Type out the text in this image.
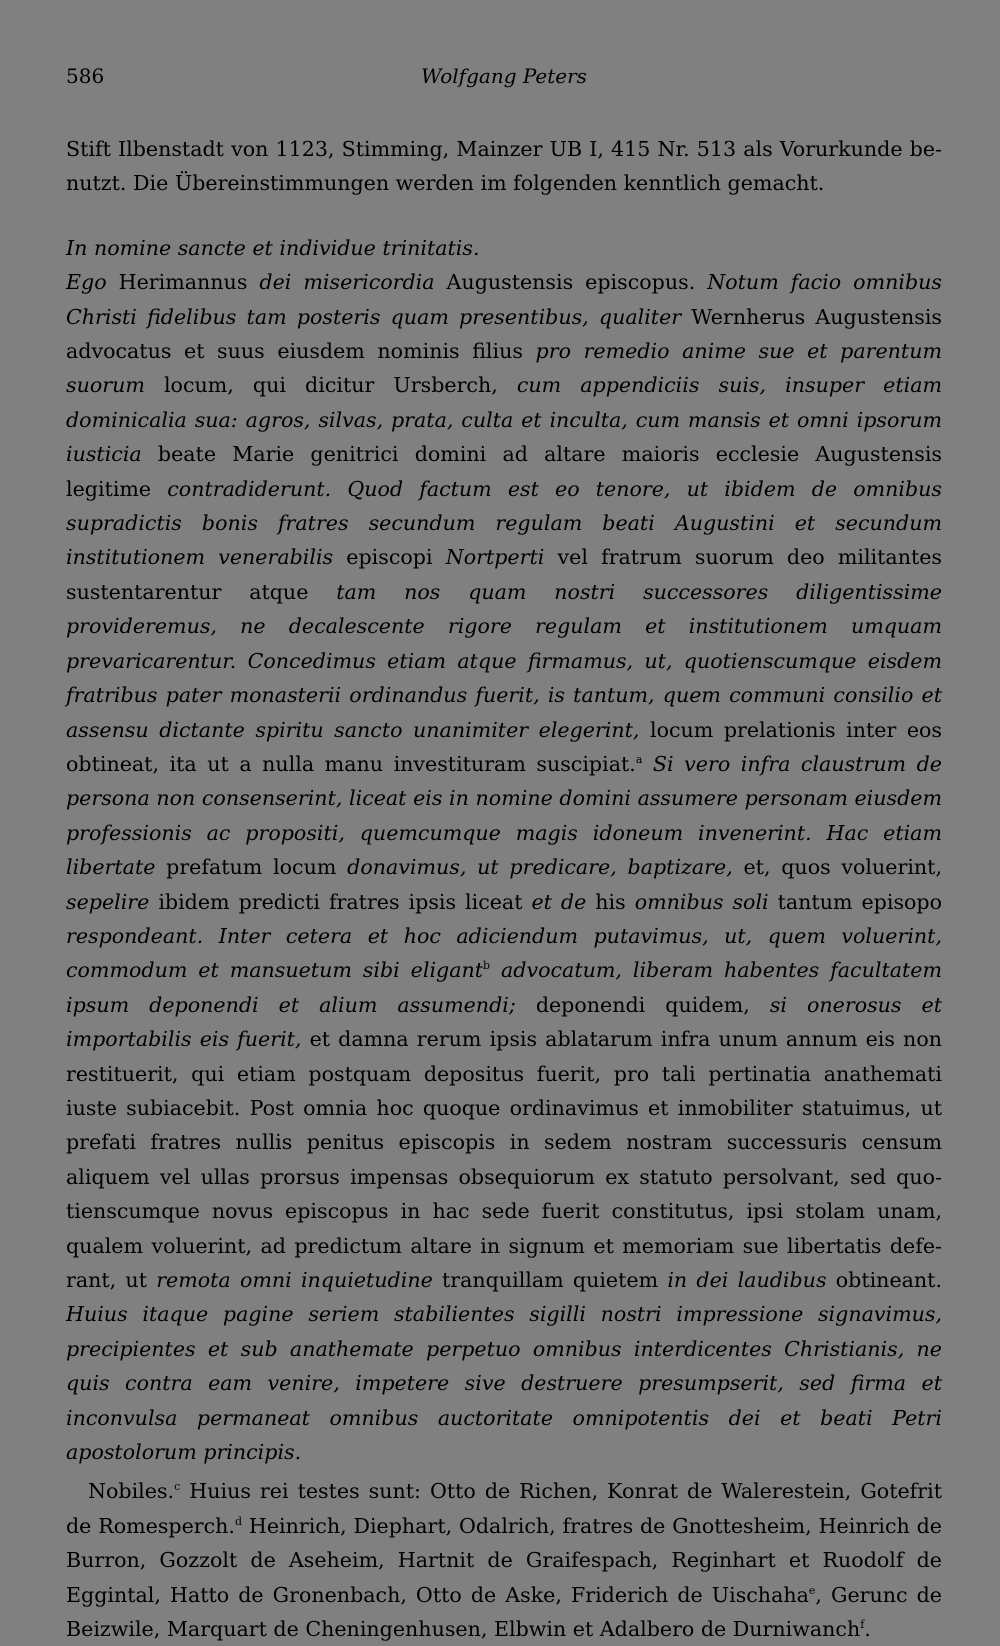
586	Wolfgang Peters

Stift Ilbenstadt von 1123, Stimming, Mainzer UB I, 415 Nr. 513 als Vorurkunde benutzt. Die Übereinstimmungen werden im folgenden kenntlich gemacht.

In nomine sancte et individue trinitatis.

Ego Herimannus dei misericordia Augustensis episcopus. Notum facio omnibus Christi fidelibus tam posteris quam presentibus, qualiter Wernherus Augustensis advocatus et suus eiusdem nominis filius pro remedio anime sue et parentum suorum locum, qui dicitur Ursberch, cum appendiciis suis, insuper etiam dominicalia sua: agros, silvas, prata, culta et inculta, cum mansis et omni ipsorum iusticia beate Marie genitrici domini ad altare maioris ecclesie Augustensis legitime contradiderunt. Quod factum est eo tenore, ut ibidem de omnibus supradictis bonis fratres secundum regulam beati Augustini et secundum institutionem venerabilis episcopi Nortperti vel fratrum suorum deo militantes sustentarentur atque tam nos quam nostri successores diligentissime provideremus, ne decalescente rigore regulam et institutionem umquam prevaricarentur. Concedimus etiam atque firmamus, ut, quotienscumque eisdem fratribus pater monasterii ordinandus fuerit, is tantum, quem communi consilio et assensu dictante spiritu sancto unanimiter elegerint, locum prelationis inter eos obtineat, ita ut a nulla manu investituram suscipiat.$^a$ Si vero infra claustrum de persona non consenserint, liceat eis in nomine domini assumere personam eiusdem professionis ac propositi, quemcumque magis idoneum invenerint. Hac etiam libertate prefatum locum donavimus, ut predicare, baptizare, et, quos voluerint, sepelire ibidem predicti fratres ipsis liceat et de his omnibus soli tantum episopo respondeant. Inter cetera et hoc adiciendum putavimus, ut, quem voluerint, commodum et mansuetum sibi eligant$^b$ advocatum, liberam habentes facultatem ipsum deponendi et alium assumendi; deponendi quidem, si onerosus et importabilis eis fuerit, et damna rerum ipsis ablatarum infra unum annum eis non restituerit, qui etiam postquam depositus fuerit, pro tali pertinatia anathemati iuste subiacebit. Post omnia hoc quoque ordinavimus et inmobiliter statuimus, ut prefati fratres nullis penitus episcopis in sedem nostram successuris censum aliquem vel ullas prorsus impensas obsequiorum ex statuto persolvant, sed quotienscumque novus episcopus in hac sede fuerit constitutus, ipsi stolam unam, qualem voluerint, ad predictum altare in signum et memoriam sue libertatis deferant, ut remota omni inquietudine tranquillam quietem in dei laudibus obtineant. Huius itaque pagine seriem stabilientes sigilli nostri impressione signavimus, precipientes et sub anathemate perpetuo omnibus interdicentes Christianis, ne quis contra eam venire, impetere sive destruere presumpserit, sed firma et inconvulsa permaneat omnibus auctoritate omnipotentis dei et beati Petri apostolorum principis.

Nobiles.$^c$ Huius rei testes sunt: Otto de Richen, Konrat de Walerestein, Gotefrit de Romesperch.$^d$ Heinrich, Diephart, Odalrich, fratres de Gnottesheim, Heinrich de Burron, Gozzolt de Aseheim, Hartnit de Graifespach, Reginhart et Ruodolf de Eggintal, Hatto de Gronenbach, Otto de Aske, Friderich de Uischaha$^e$, Gerunc de Beizwile, Marquart de Cheningenhusen, Elbwin et Adalbero de Durniwanch$^f$.
